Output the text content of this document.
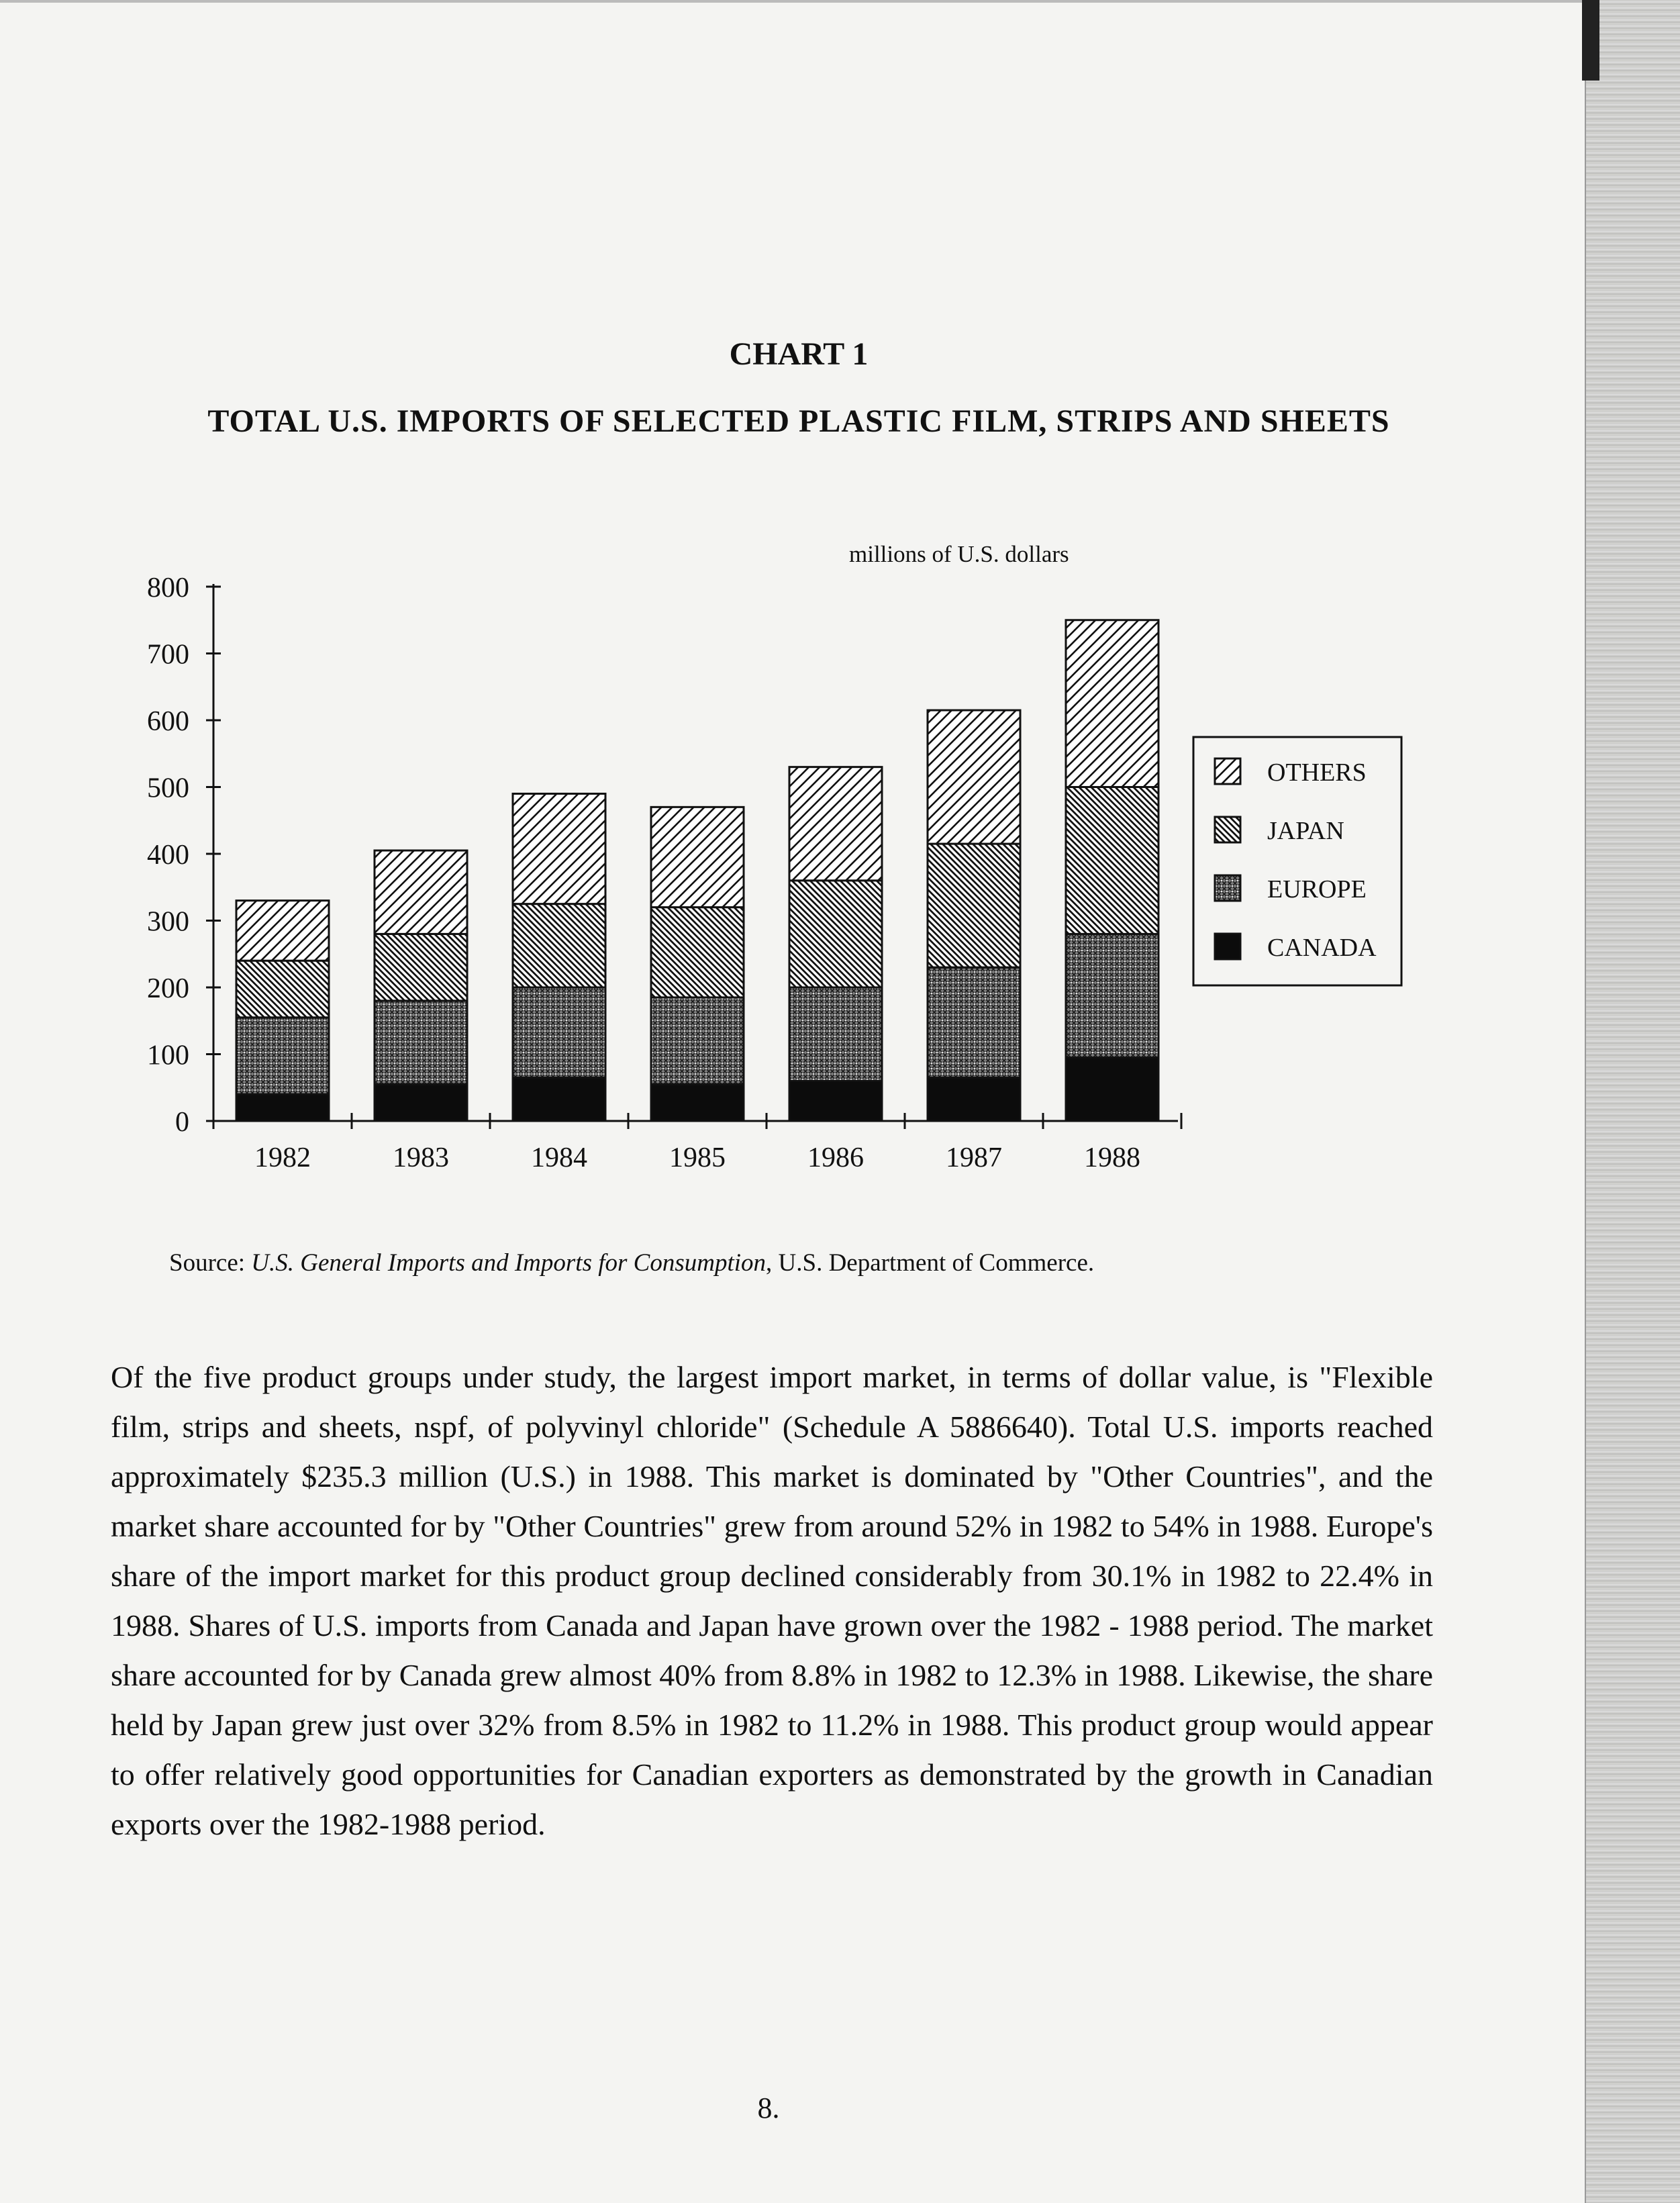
CHART 1
TOTAL U.S. IMPORTS OF SELECTED PLASTIC FILM, STRIPS AND SHEETS
millions of U.S. dollars
0
100
200
300
400
500
600
700
800
1982	1983	1984	1985	1986	1987	1988
OTHERS
JAPAN
EUROPE
CANADA
Source: U.S. General Imports and Imports for Consumption, U.S. Department of Commerce.
Of the five product groups under study, the largest import market, in terms of dollar value, is "Flexible film, strips and sheets, nspf, of polyvinyl chloride" (Schedule A 5886640). Total U.S. imports reached approximately $235.3 million (U.S.) in 1988. This market is dominated by "Other Countries", and the market share accounted for by "Other Countries" grew from around 52% in 1982 to 54% in 1988. Europe's share of the import market for this product group declined considerably from 30.1% in 1982 to 22.4% in 1988. Shares of U.S. imports from Canada and Japan have grown over the 1982 - 1988 period. The market share accounted for by Canada grew almost 40% from 8.8% in 1982 to 12.3% in 1988. Likewise, the share held by Japan grew just over 32% from 8.5% in 1982 to 11.2% in 1988. This product group would appear to offer relatively good opportunities for Canadian exporters as demonstrated by the growth in Canadian exports over the 1982-1988 period.
8.
